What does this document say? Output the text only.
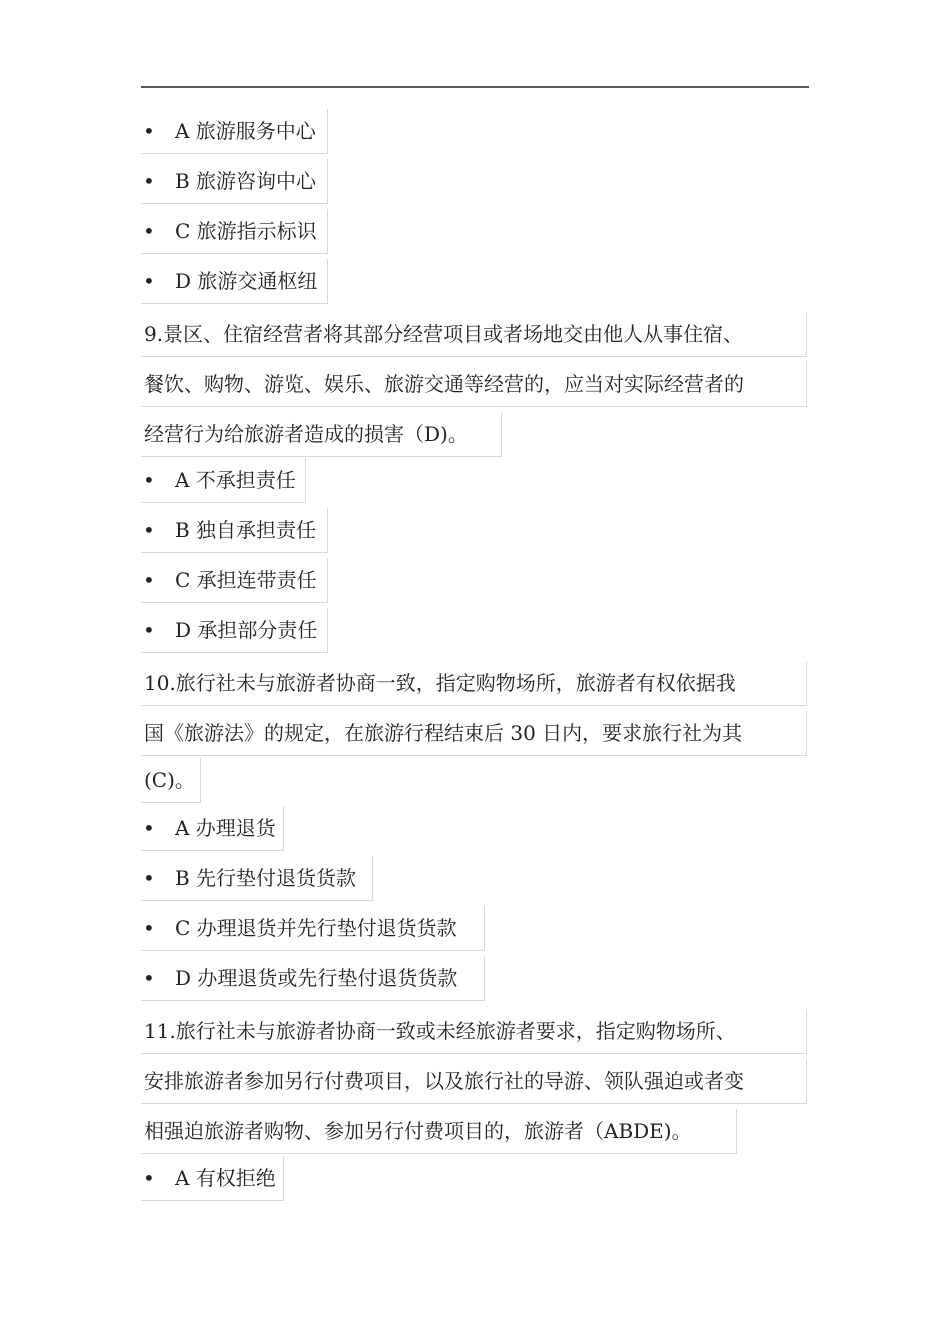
• A 旅游服务中心
• B 旅游咨询中心
• C 旅游指示标识
• D 旅游交通枢纽
9.景区、住宿经营者将其部分经营项目或者场地交由他人从事住宿、
餐饮、购物、游览、娱乐、旅游交通等经营的，应当对实际经营者的
经营行为给旅游者造成的损害（D)。
• A 不承担责任
• B 独自承担责任
• C 承担连带责任
• D 承担部分责任
10.旅行社未与旅游者协商一致，指定购物场所，旅游者有权依据我
国《旅游法》的规定，在旅游行程结束后 30 日内，要求旅行社为其
(C)。
• A 办理退货
• B 先行垫付退货货款
• C 办理退货并先行垫付退货货款
• D 办理退货或先行垫付退货货款
11.旅行社未与旅游者协商一致或未经旅游者要求，指定购物场所、
安排旅游者参加另行付费项目，以及旅行社的导游、领队强迫或者变
相强迫旅游者购物、参加另行付费项目的，旅游者（ABDE)。
• A 有权拒绝
